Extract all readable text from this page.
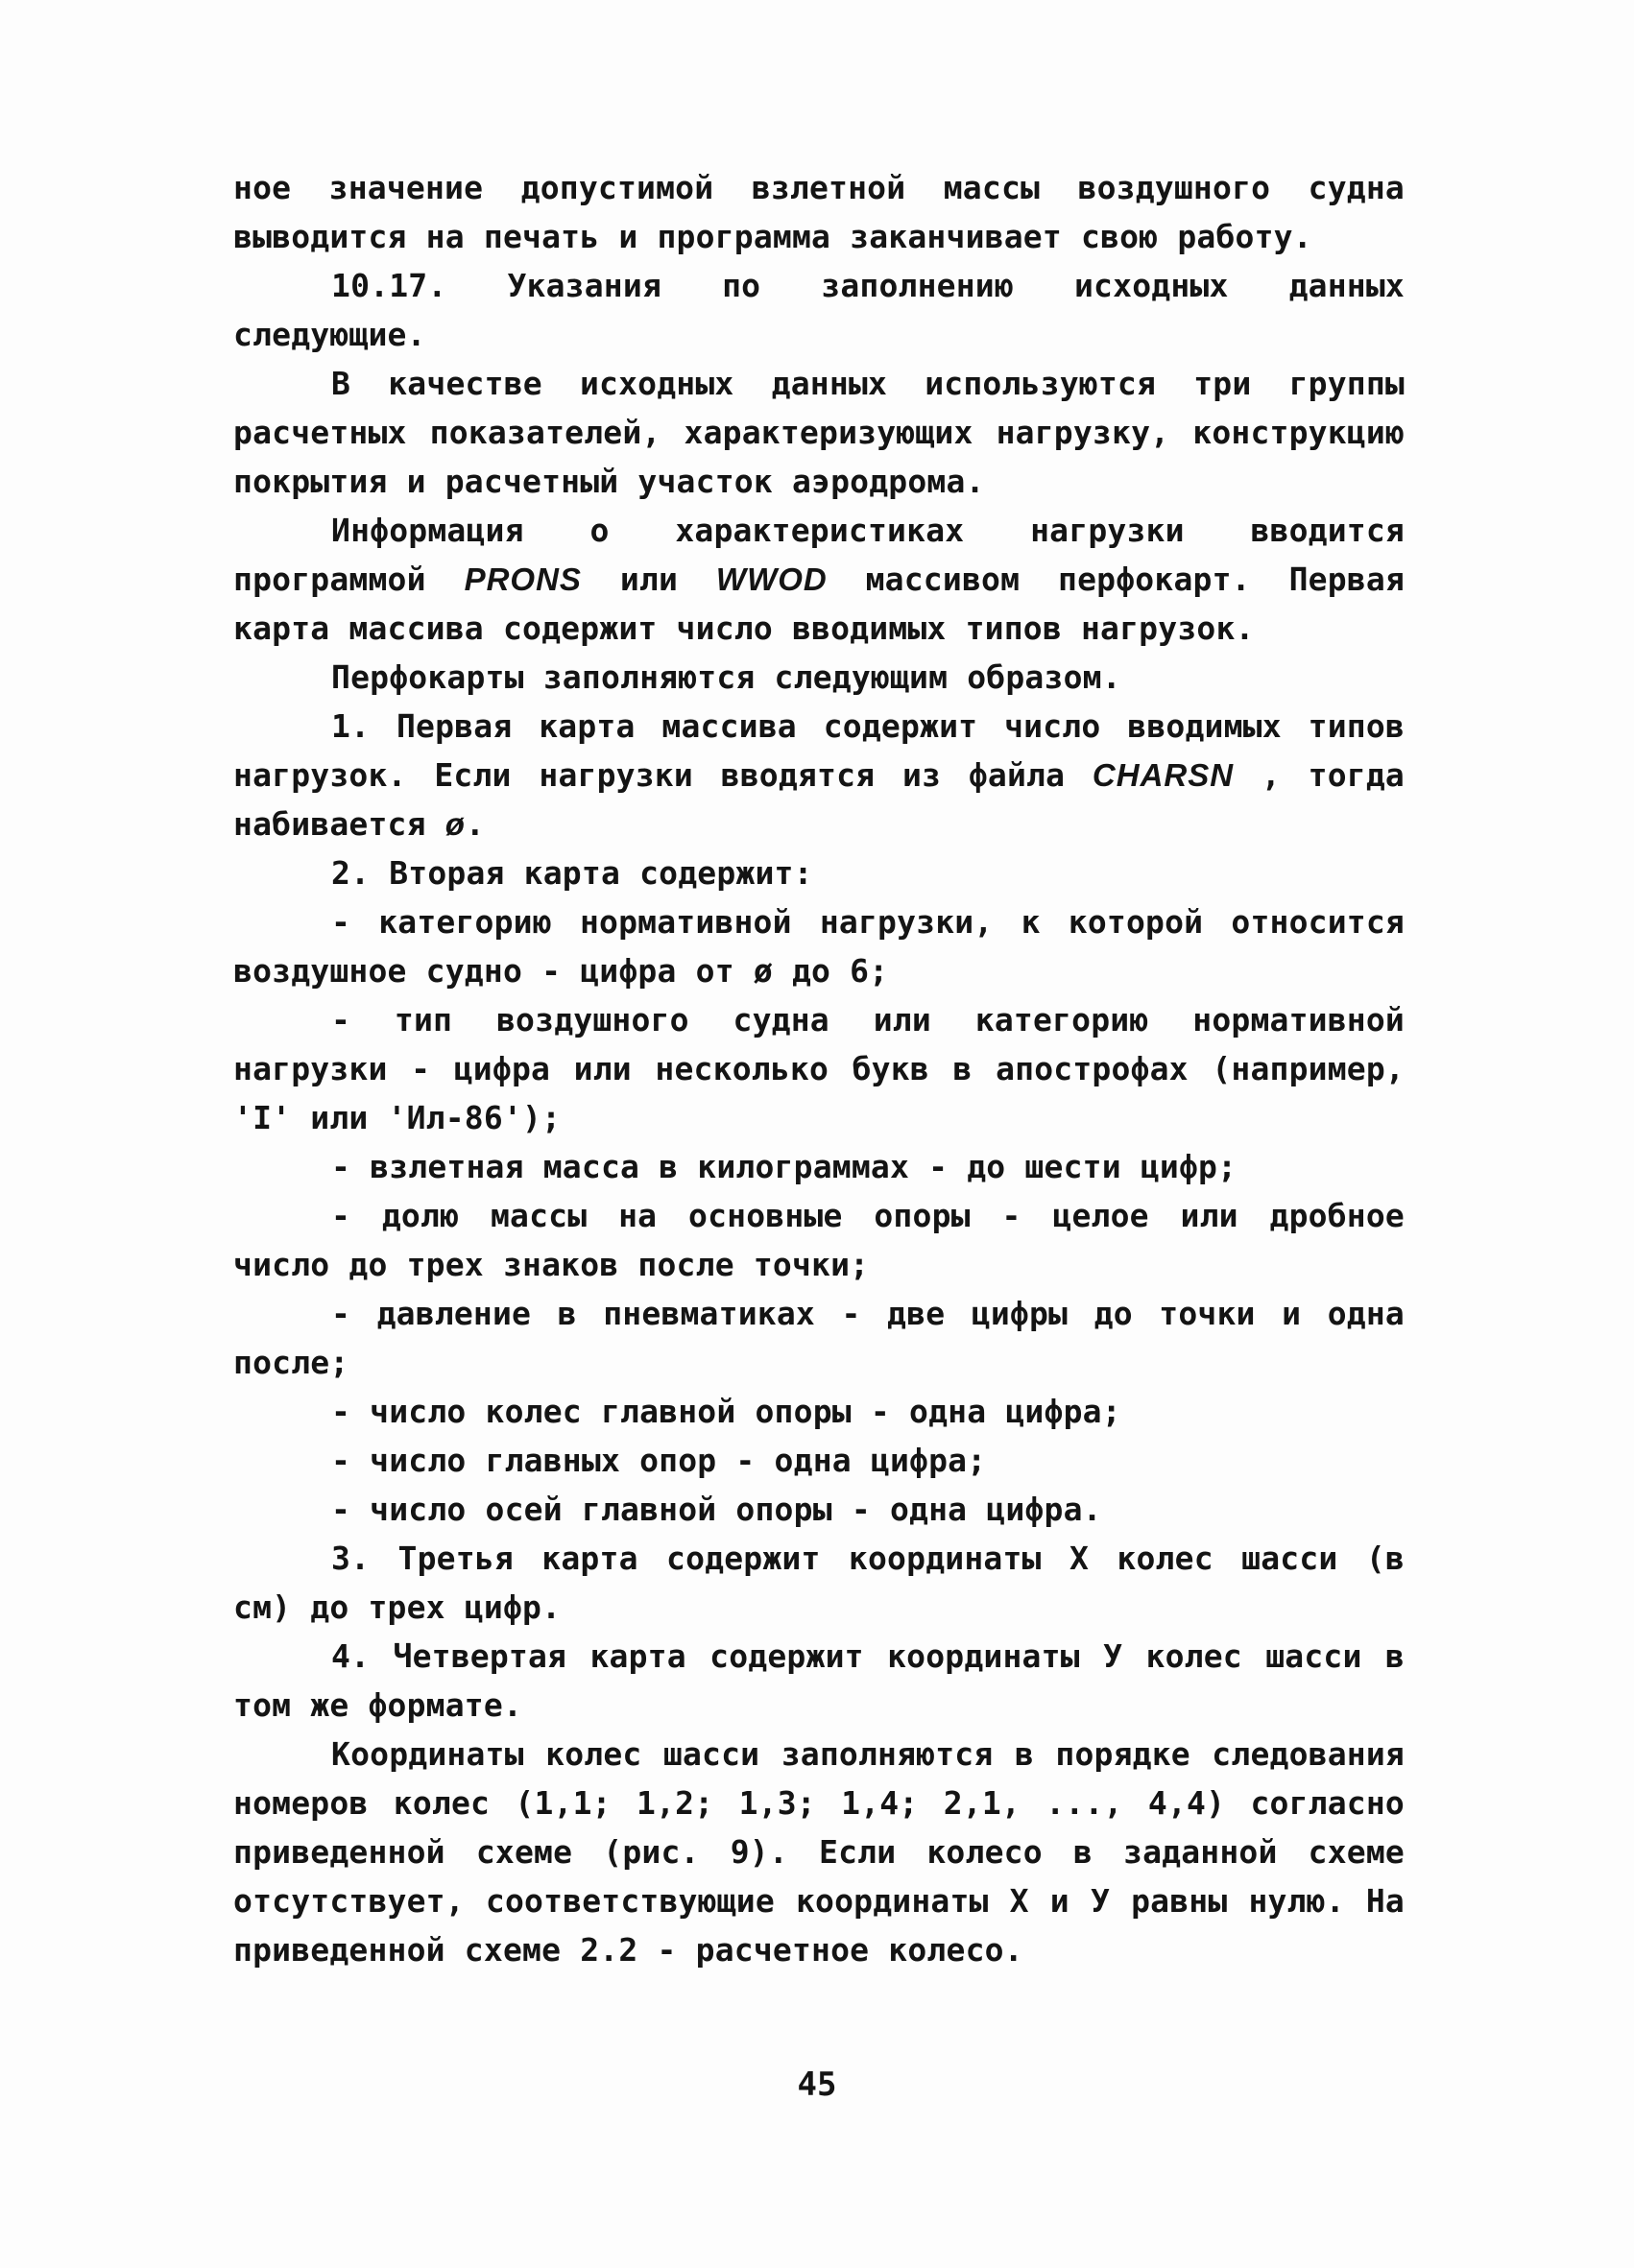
ное значение допустимой взлетной массы воздушного судна выводится на печать и программа заканчивает свою работу.

10.17. Указания по заполнению исходных данных следующие.

В качестве исходных данных используются три группы расчетных показателей, характеризующих нагрузку, конструкцию покрытия и расчетный участок аэродрома.

Информация о характеристиках нагрузки вводится программой PRONS или WWOD массивом перфокарт. Первая карта массива содержит число вводимых типов нагрузок.

Перфокарты заполняются следующим образом.

1. Первая карта массива содержит число вводимых типов нагрузок. Если нагрузки вводятся из файла CHARSN , тогда набивается ø.

2. Вторая карта содержит:

- категорию нормативной нагрузки, к которой относится воздушное судно - цифра от ø до 6;

- тип воздушного судна или категорию нормативной нагрузки - цифра или несколько букв в апострофах (например, 'I' или 'Ил-86');

- взлетная масса в килограммах - до шести цифр;

- долю массы на основные опоры - целое или дробное число до трех знаков после точки;

- давление в пневматиках - две цифры до точки и одна после;

- число колес главной опоры - одна цифра;

- число главных опор - одна цифра;

- число осей главной опоры - одна цифра.

3. Третья карта содержит координаты X колес шасси (в см) до трех цифр.

4. Четвертая карта содержит координаты У колес шасси в том же формате.

Координаты колес шасси заполняются в порядке следования номеров колес (1,1; 1,2; 1,3; 1,4; 2,1, ..., 4,4) согласно приведенной схеме (рис. 9). Если колесо в заданной схеме отсутствует, соответствующие координаты X и У равны нулю. На приведенной схеме 2.2 - расчетное колесо.

45
